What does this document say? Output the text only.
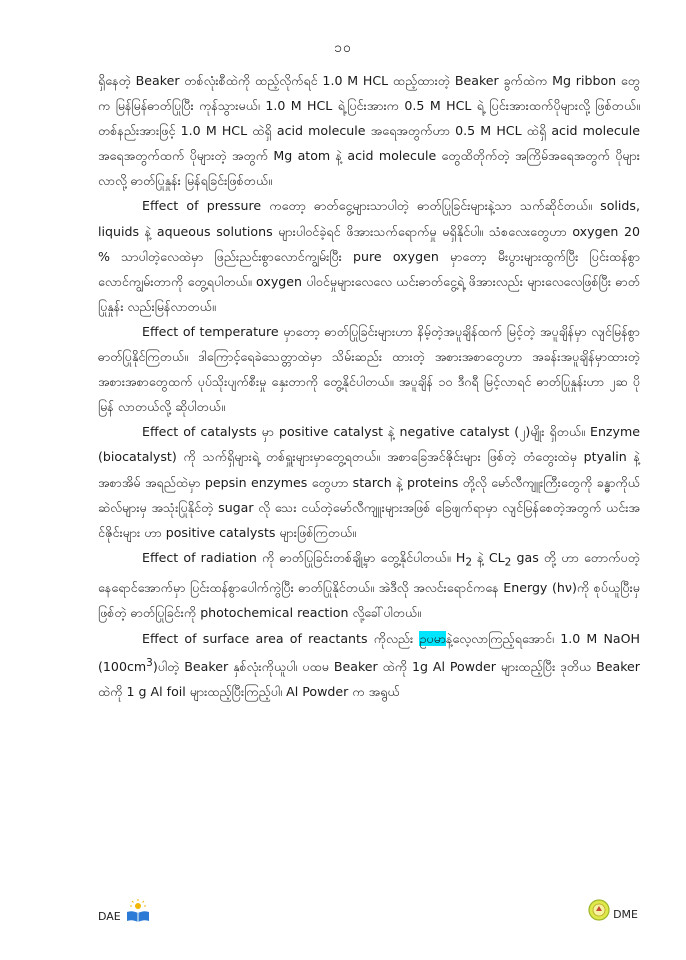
၁၀

ရှိနေတဲ့ Beaker တစ်လုံးစီထဲကို ထည့်လိုက်ရင် 1.0 M HCL ထည့်ထားတဲ့ Beaker ခွက်ထဲက Mg ribbon တွေက မြန်မြန်ဓာတ်ပြုပြီး ကုန်သွားမယ်၊ 1.0 M HCL ရဲ့ပြင်းအားက 0.5 M HCL ရဲ့ ပြင်းအားထက်ပိုများလို့ ဖြစ်တယ်။ တစ်နည်းအားဖြင့် 1.0 M HCL ထဲရှိ acid molecule အရေအတွက်ဟာ 0.5 M HCL ထဲရှိ acid molecule အရေအတွက်ထက် ပိုများတဲ့ အတွက် Mg atom နဲ့ acid molecule တွေထိတိုက်တဲ့ အကြိမ်အရေအတွက် ပိုများလာလို့ ဓာတ်ပြုနှုန်း မြန်ရခြင်းဖြစ်တယ်။

Effect of pressure ကတော့ ဓာတ်ငွေ့များသာပါတဲ့ ဓာတ်ပြုခြင်းများနဲ့သာ သက်ဆိုင်တယ်။ solids, liquids နဲ့ aqueous solutions များပါဝင်ခဲ့ရင် ဖိအားသက်ရောက်မှု မရှိနိုင်ပါ။ သံစလေးတွေဟာ oxygen 20 % သာပါတဲ့လေထဲမှာ ဖြည်းညင်းစွာလောင်ကျွမ်းပြီး pure oxygen မှာတော့ မီးပွားများထွက်ပြီး ပြင်းထန်စွာလောင်ကျွမ်းတာကို တွေ့ရပါတယ်။ oxygen ပါဝင်မှုများလေလေ ယင်းဓာတ်ငွေ့ရဲ့ ဖိအားလည်း များလေလေဖြစ်ပြီး ဓာတ်ပြုနှုန်း လည်းမြန်လာတယ်။

Effect of temperature မှာတော့ ဓာတ်ပြုခြင်းများဟာ နိမ့်တဲ့အပူချိန်ထက် မြင့်တဲ့ အပူချိန်မှာ လျင်မြန်စွာ ဓာတ်ပြုနိုင်ကြတယ်။ ဒါကြောင့်ရေခဲသေတ္တာထဲမှာ သိမ်းဆည်း ထားတဲ့ အစားအစာတွေဟာ အခန်းအပူချိန်မှာထားတဲ့ အစားအစာတွေထက် ပုပ်သိုးပျက်စီးမှု နှေးတာကို တွေ့နိုင်ပါတယ်။ အပူချိန် ၁၀ ဒီဂရီ မြင့်လာရင် ဓာတ်ပြုနှုန်းဟာ ၂ဆ ပိုမြန် လာတယ်လို့ ဆိုပါတယ်။

Effect of catalysts မှာ positive catalyst နဲ့ negative catalyst (၂)မျိုး ရှိတယ်။ Enzyme (biocatalyst) ကို သက်ရှိများရဲ့ တစ်ရှူးများမှာတွေ့ရတယ်။ အစာခြေအင်ဇိုင်းများ ဖြစ်တဲ့ တံတွေးထဲမှ ptyalin နဲ့ အစာအိမ် အရည်ထဲမှာ pepsin enzymes တွေဟာ starch နဲ့ proteins တို့လို မော်လီကျူးကြီးတွေကို ခန္ဓာကိုယ်ဆဲလ်များမှ အသုံးပြုနိုင်တဲ့ sugar လို သေး ငယ်တဲ့မော်လီကျူးများအဖြစ် ခြေဖျက်ရာမှာ လျင်မြန်စေတဲ့အတွက် ယင်းအင်ဇိုင်းများ ဟာ positive catalysts များဖြစ်ကြတယ်။

Effect of radiation ကို ဓာတ်ပြုခြင်းတစ်ချို့မှာ တွေ့နိုင်ပါတယ်။ $H_2$ နဲ့ $CL_2$ gas တို့ ဟာ တောက်ပတဲ့ နေရောင်အောက်မှာ ပြင်းထန်စွာပေါက်ကွဲပြီး ဓာတ်ပြုနိုင်တယ်။ အဲဒီလို အလင်းရောင်ကနေ Energy (hν)ကို စုပ်ယူပြီးမှဖြစ်တဲ့ ဓာတ်ပြုခြင်းကို photochemical reaction လို့ခေါ်ပါတယ်။

Effect of surface area of reactants ကိုလည်း ဥပမာနဲ့လေ့လာကြည့်ရအောင်၊ 1.0 M NaOH $(100cm^3)$ပါတဲ့ Beaker နှစ်လုံးကိုယူပါ၊ ပထမ Beaker ထဲကို 1g Al Powder များထည့်ပြီး ဒုတိယ Beaker ထဲကို 1 g Al foil များထည့်ပြီးကြည့်ပါ၊ Al Powder က အရွယ်

DAE	DME
